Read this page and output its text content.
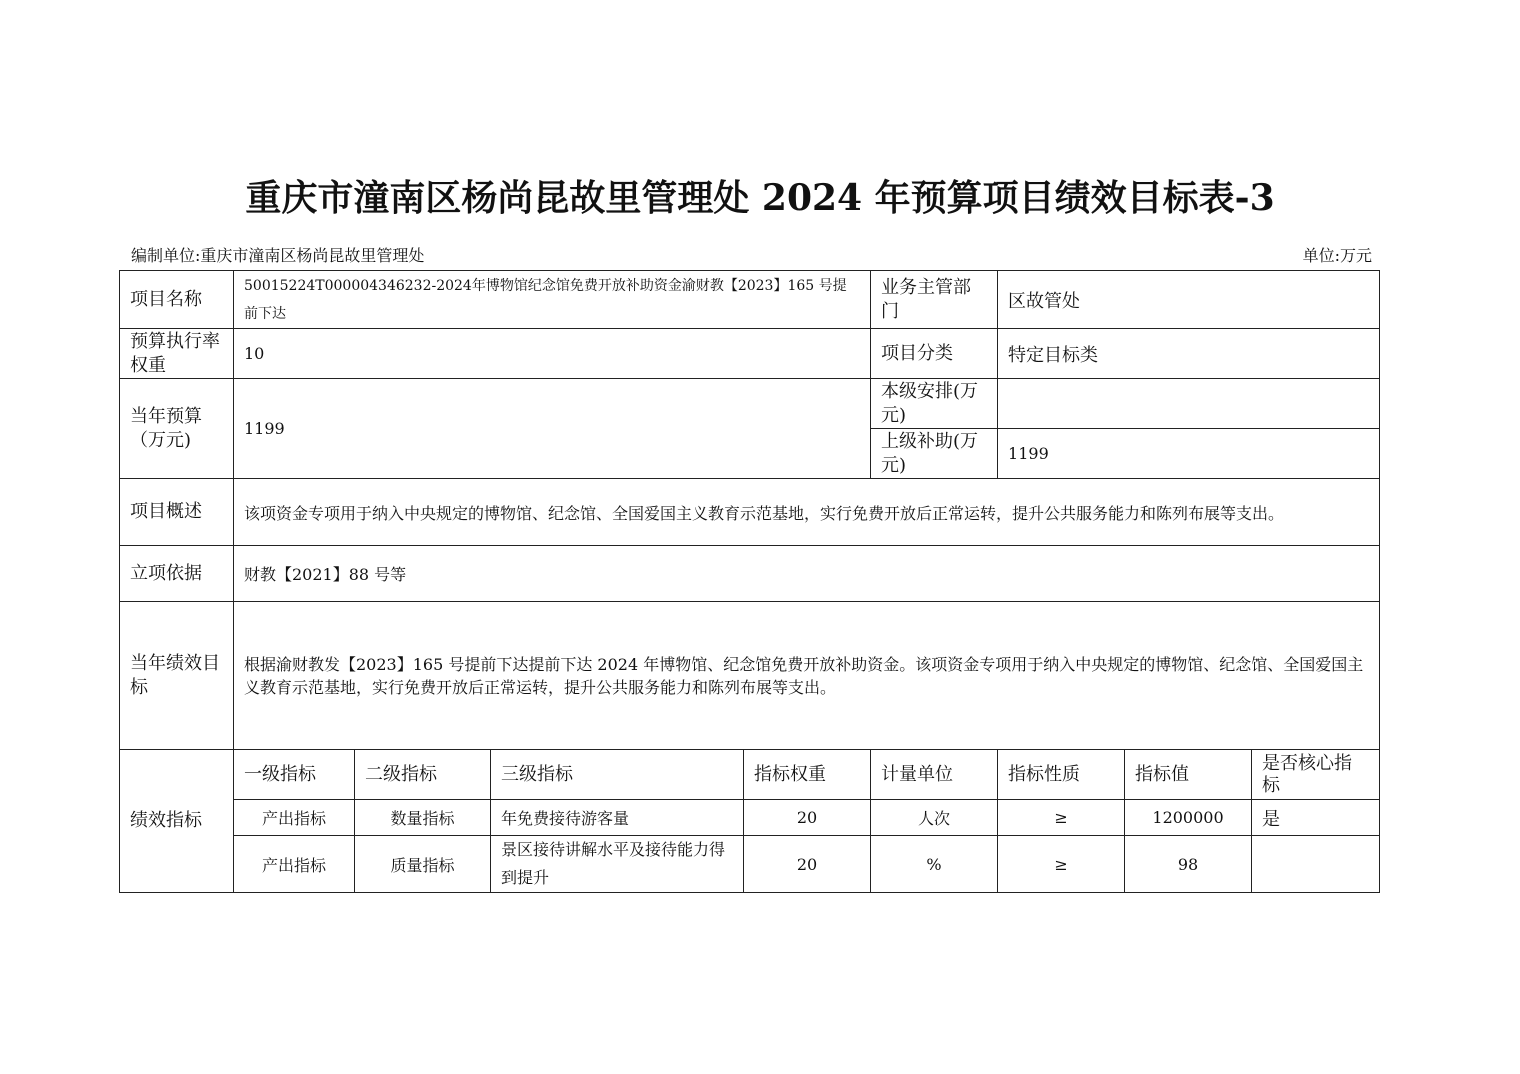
重庆市潼南区杨尚昆故里管理处 2024 年预算项目绩效目标表-3
编制单位:重庆市潼南区杨尚昆故里管理处	单位:万元
项目名称	50015224T000004346232-2024年博物馆纪念馆免费开放补助资金渝财教【2023】165 号提前下达				业务主管部门	区故管处		
预算执行率权重	10				项目分类	特定目标类		
当年预算（万元)	1199				本级安排(万元)			
					上级补助(万元)	1199		
项目概述	该项资金专项用于纳入中央规定的博物馆、纪念馆、全国爱国主义教育示范基地，实行免费开放后正常运转，提升公共服务能力和陈列布展等支出。							
立项依据	财教【2021】88 号等							
当年绩效目标	根据渝财教发【2023】165 号提前下达提前下达 2024 年博物馆、纪念馆免费开放补助资金。该项资金专项用于纳入中央规定的博物馆、纪念馆、全国爱国主义教育示范基地，实行免费开放后正常运转，提升公共服务能力和陈列布展等支出。							
绩效指标	一级指标	二级指标	三级指标	指标权重	计量单位	指标性质	指标值	是否核心指标
	产出指标	数量指标	年免费接待游客量	20	人次	≥	1200000	是
	产出指标	质量指标	景区接待讲解水平及接待能力得到提升	20	%	≥	98	
